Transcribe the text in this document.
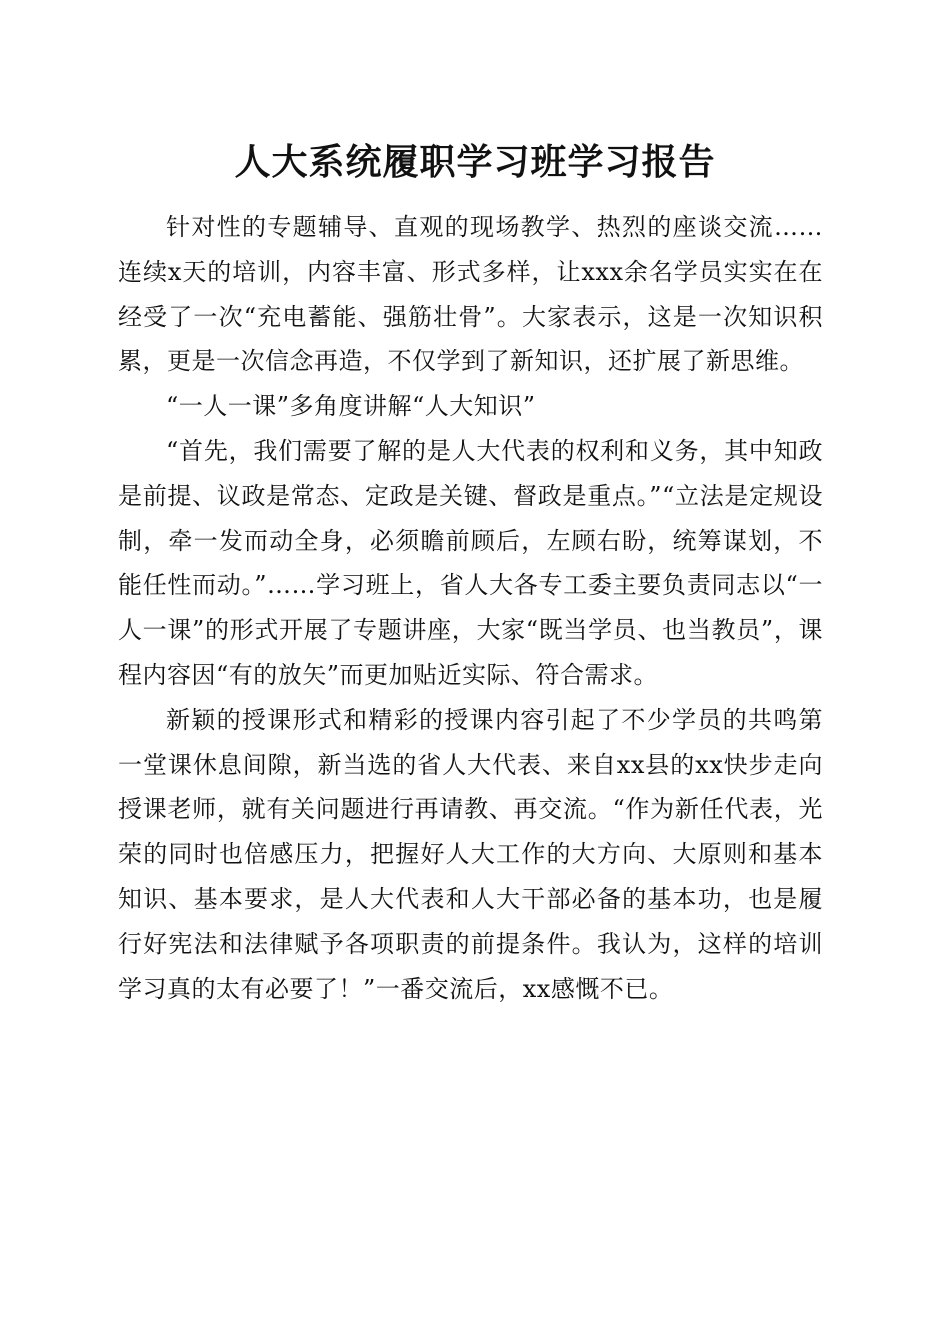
人大系统履职学习班学习报告

针对性的专题辅导、直观的现场教学、热烈的座谈交流……连续x天的培训，内容丰富、形式多样，让xxx余名学员实实在在经受了一次“充电蓄能、强筋壮骨”。大家表示，这是一次知识积累，更是一次信念再造，不仅学到了新知识，还扩展了新思维。

“一人一课”多角度讲解“人大知识”

“首先，我们需要了解的是人大代表的权利和义务，其中知政是前提、议政是常态、定政是关键、督政是重点。”“立法是定规设制，牵一发而动全身，必须瞻前顾后，左顾右盼，统筹谋划，不能任性而动。”……学习班上，省人大各专工委主要负责同志以“一人一课”的形式开展了专题讲座，大家“既当学员、也当教员”，课程内容因“有的放矢”而更加贴近实际、符合需求。

新颖的授课形式和精彩的授课内容引起了不少学员的共鸣第一堂课休息间隙，新当选的省人大代表、来自xx县的xx快步走向授课老师，就有关问题进行再请教、再交流。“作为新任代表，光荣的同时也倍感压力，把握好人大工作的大方向、大原则和基本知识、基本要求，是人大代表和人大干部必备的基本功，也是履行好宪法和法律赋予各项职责的前提条件。我认为，这样的培训学习真的太有必要了！”一番交流后，xx感慨不已。
